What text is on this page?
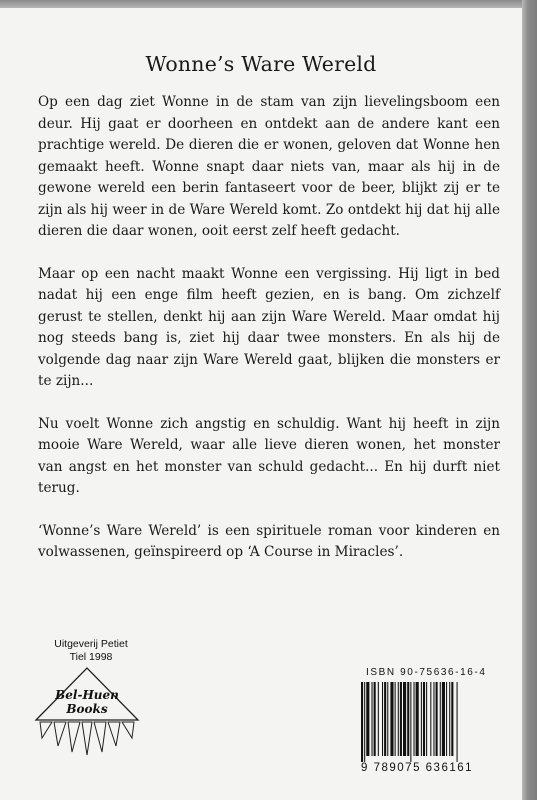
Wonne’s Ware Wereld

Op een dag ziet Wonne in de stam van zijn lievelingsboom een deur. Hij gaat er doorheen en ontdekt aan de andere kant een prachtige wereld. De dieren die er wonen, geloven dat Wonne hen gemaakt heeft. Wonne snapt daar niets van, maar als hij in de gewone wereld een berin fantaseert voor de beer, blijkt zij er te zijn als hij weer in de Ware Wereld komt. Zo ontdekt hij dat hij alle dieren die daar wonen, ooit eerst zelf heeft gedacht.

Maar op een nacht maakt Wonne een vergissing. Hij ligt in bed nadat hij een enge film heeft gezien, en is bang. Om zichzelf gerust te stellen, denkt hij aan zijn Ware Wereld. Maar omdat hij nog steeds bang is, ziet hij daar twee monsters. En als hij de volgende dag naar zijn Ware Wereld gaat, blijken die monsters er te zijn...

Nu voelt Wonne zich angstig en schuldig. Want hij heeft in zijn mooie Ware Wereld, waar alle lieve dieren wonen, het monster van angst en het monster van schuld gedacht... En hij durft niet terug.

‘Wonne’s Ware Wereld’ is een spirituele roman voor kinderen en volwassenen, geïnspireerd op ‘A Course in Miracles’.

Uitgeverij Petiet
Tiel 1998
Bel-Huen
Books
ISBN 90-75636-16-4
9 789075 636161
